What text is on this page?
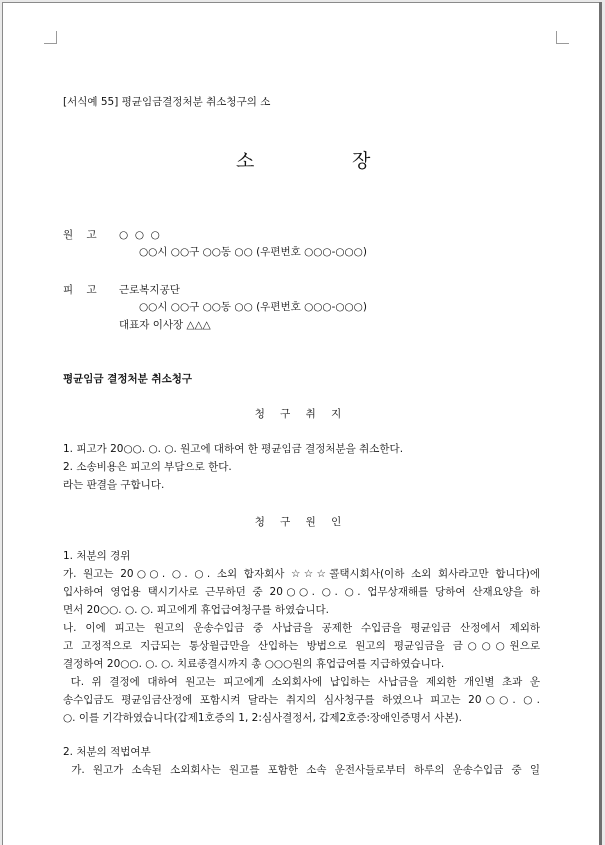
[서식예 55] 평균임금결정처분 취소청구의 소
소	장
원    고 ○  ○  ○
○○시 ○○구 ○○동 ○○ (우편번호 ○○○-○○○)
피    고 근로복지공단
○○시 ○○구 ○○동 ○○ (우편번호 ○○○-○○○)
대표자 이사장 △△△
평균임금 결정처분 취소청구
청 구 취 지
1. 피고가 20○○. ○. ○. 원고에 대하여 한 평균임금 결정처분을 취소한다.
2. 소송비용은 피고의 부담으로 한다.
라는 판결을 구합니다.
청 구 원 인
1. 처분의 경위
가. 원고는 20○○. ○. ○. 소외 합자회사 ☆☆☆콜택시회사(이하 소외 회사라고만 합니다)에
입사하여 영업용 택시기사로 근무하던 중 20○○. ○. ○. 업무상재해를 당하여 산재요양을 하
면서 20○○. ○. ○. 피고에게 휴업급여청구를 하였습니다.
나. 이에 피고는 원고의 운송수입금 중 사납금을 공제한 수입금을 평균임금 산정에서 제외하
고 고정적으로 지급되는 통상월급만을 산입하는 방법으로 원고의 평균임금을 금○○○원으로
결정하여 20○○. ○. ○. 치료종결시까지 총 ○○○원의 휴업급여를 지급하였습니다.
다. 위 결정에 대하여 원고는 피고에게 소외회사에 납입하는 사납금을 제외한 개인별 초과 운
송수입금도 평균임금산정에 포함시켜 달라는 취지의 심사청구를 하였으나 피고는 20○○. ○.
○. 이를 기각하였습니다(갑제1호증의 1, 2:심사결정서, 갑제2호증:장애인증명서 사본).
2. 처분의 적법여부
가. 원고가 소속된 소외회사는 원고를 포함한 소속 운전사들로부터 하루의 운송수입금 중 일
